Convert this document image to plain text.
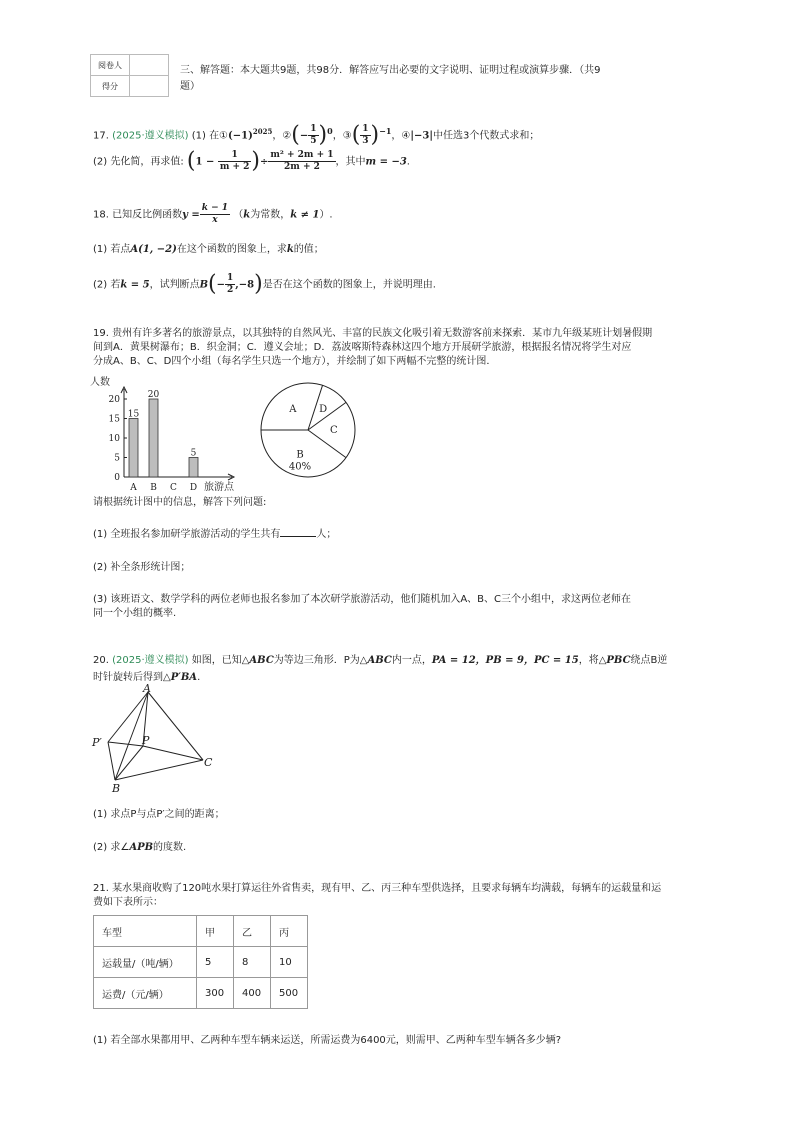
阅卷人	
得分	
三、解答题：本大题共9题，共98分．解答应写出必要的文字说明、证明过程或演算步骤．（共9
题）
17. (2025·遵义模拟) (1) 在$①(-1)^{2025}$，②(− $\frac{1}{5} )^0$，③( $\frac{1}{3} )^{-1}$，④|−3|中任选3个代数式求和；
(2) 先化简，再求值: ($1 - \frac{1}{m + 2}$ )÷ $\frac{\text{m² + 2m + 1}}{2m + 2}$ ，其中m = −3.
18. 已知反比例函数$y = \frac{k - 1}{x} (k$为常数，k ≠ 1）.
(1) 若点A(1, −2)在这个函数的图象上，求k的值；
(2) 若k = 5，试判断点$B(- \frac{1}{2} ,-8)$是否在这个函数的图象上，并说明理由.
19. 贵州有许多著名的旅游景点，以其独特的自然风光、丰富的民族文化吸引着无数游客前来探索．某市九年级某班计划暑假期
间到A．黄果树瀑布；B．织金洞；C．遵义会址；D．荔波喀斯特森林这四个地方开展研学旅游，根据报名情况将学生对应
分成A、B、C、D四个小组（每名学生只选一个地方），并绘制了如下两幅不完整的统计图．
人数
旅游点
0
5
10
15
20
A
15
B
20
C D
5
A D
C
B
40%
请根据统计图中的信息，解答下列问题:
(1) 全班报名参加研学旅游活动的学生共有	人；
(2) 补全条形统计图；
(3) 该班语文、数学学科的两位老师也报名参加了本次研学旅游活动，他们随机加入A、B、C三个小组中，求这两位老师在
同一个小组的概率.
20. (2025·遵义模拟) 如图，已知△ABC为等边三角形．P为△ABC内一点，PA = 12，PB = 9，PC = 15，将△PBC绕点B逆
时针旋转后得到△P′BA.
A
P′	P
B
C
(1) 求点P与点P′之间的距离；
(2) 求∠APB的度数.
21. 某水果商收购了120吨水果打算运往外省售卖，现有甲、乙、丙三种车型供选择，且要求每辆车均满载，每辆车的运载量和运
费如下表所示：
车型	甲	乙	丙
运载量/（吨/辆）	5	8	10
运费/（元/辆）	300	400	500
(1) 若全部水果都用甲、乙两种车型车辆来运送，所需运费为6400元，则需甲、乙两种车型车辆各多少辆?
